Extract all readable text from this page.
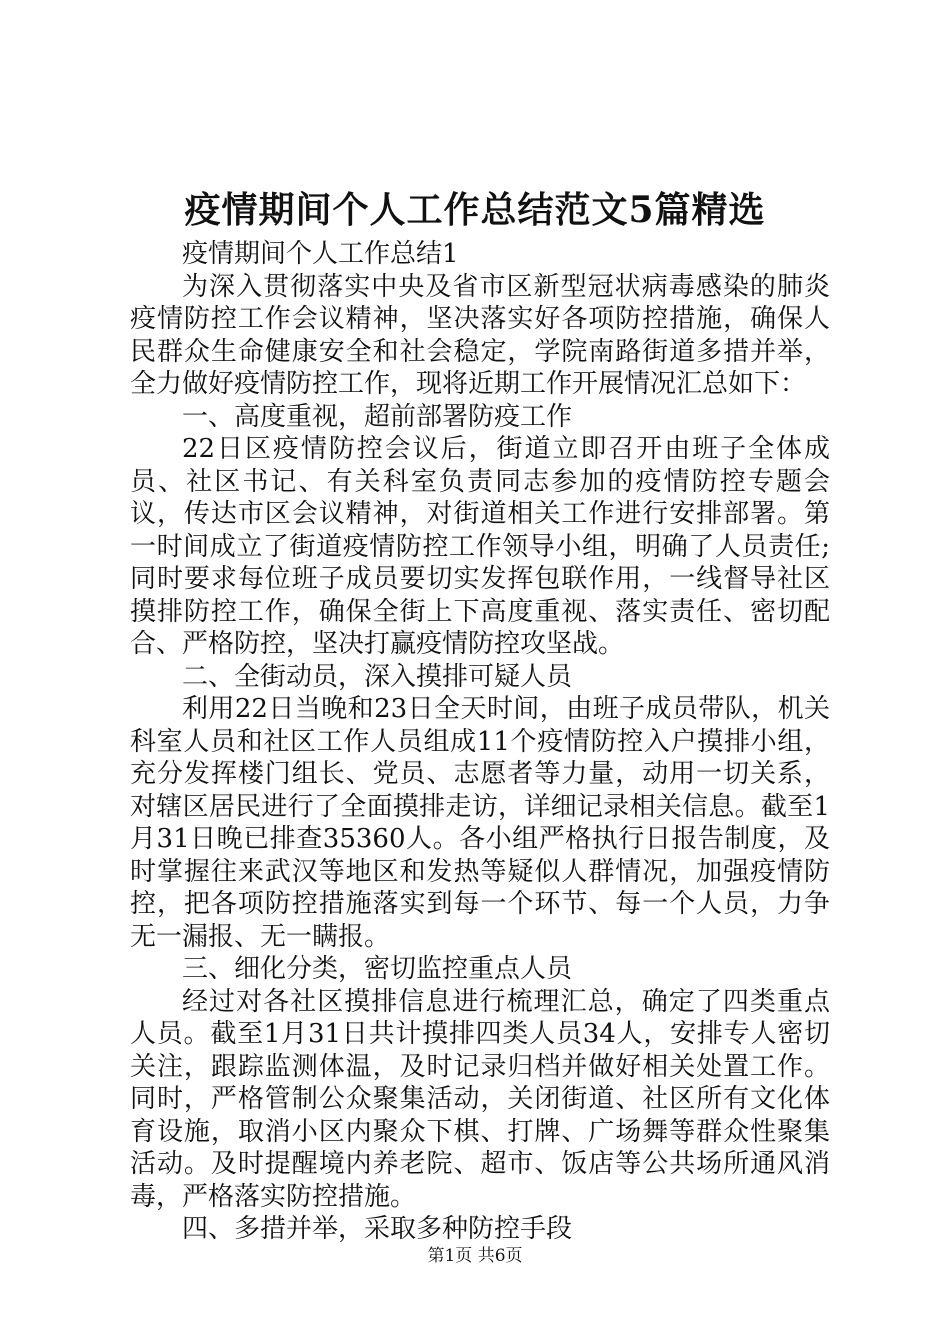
疫情期间个人工作总结范文5篇精选

疫情期间个人工作总结1

为深入贯彻落实中央及省市区新型冠状病毒感染的肺炎疫情防控工作会议精神，坚决落实好各项防控措施，确保人民群众生命健康安全和社会稳定，学院南路街道多措并举，全力做好疫情防控工作，现将近期工作开展情况汇总如下：

一、高度重视，超前部署防疫工作

22日区疫情防控会议后，街道立即召开由班子全体成员、社区书记、有关科室负责同志参加的疫情防控专题会议，传达市区会议精神，对街道相关工作进行安排部署。第一时间成立了街道疫情防控工作领导小组，明确了人员责任;同时要求每位班子成员要切实发挥包联作用，一线督导社区摸排防控工作，确保全街上下高度重视、落实责任、密切配合、严格防控，坚决打赢疫情防控攻坚战。

二、全街动员，深入摸排可疑人员

利用22日当晚和23日全天时间，由班子成员带队，机关科室人员和社区工作人员组成11个疫情防控入户摸排小组，充分发挥楼门组长、党员、志愿者等力量，动用一切关系，对辖区居民进行了全面摸排走访，详细记录相关信息。截至1月31日晚已排查35360人。各小组严格执行日报告制度，及时掌握往来武汉等地区和发热等疑似人群情况，加强疫情防控，把各项防控措施落实到每一个环节、每一个人员，力争无一漏报、无一瞒报。

三、细化分类，密切监控重点人员

经过对各社区摸排信息进行梳理汇总，确定了四类重点人员。截至1月31日共计摸排四类人员34人，安排专人密切关注，跟踪监测体温，及时记录归档并做好相关处置工作。同时，严格管制公众聚集活动，关闭街道、社区所有文化体育设施，取消小区内聚众下棋、打牌、广场舞等群众性聚集活动。及时提醒境内养老院、超市、饭店等公共场所通风消毒，严格落实防控措施。

四、多措并举，采取多种防控手段

第1页 共6页
